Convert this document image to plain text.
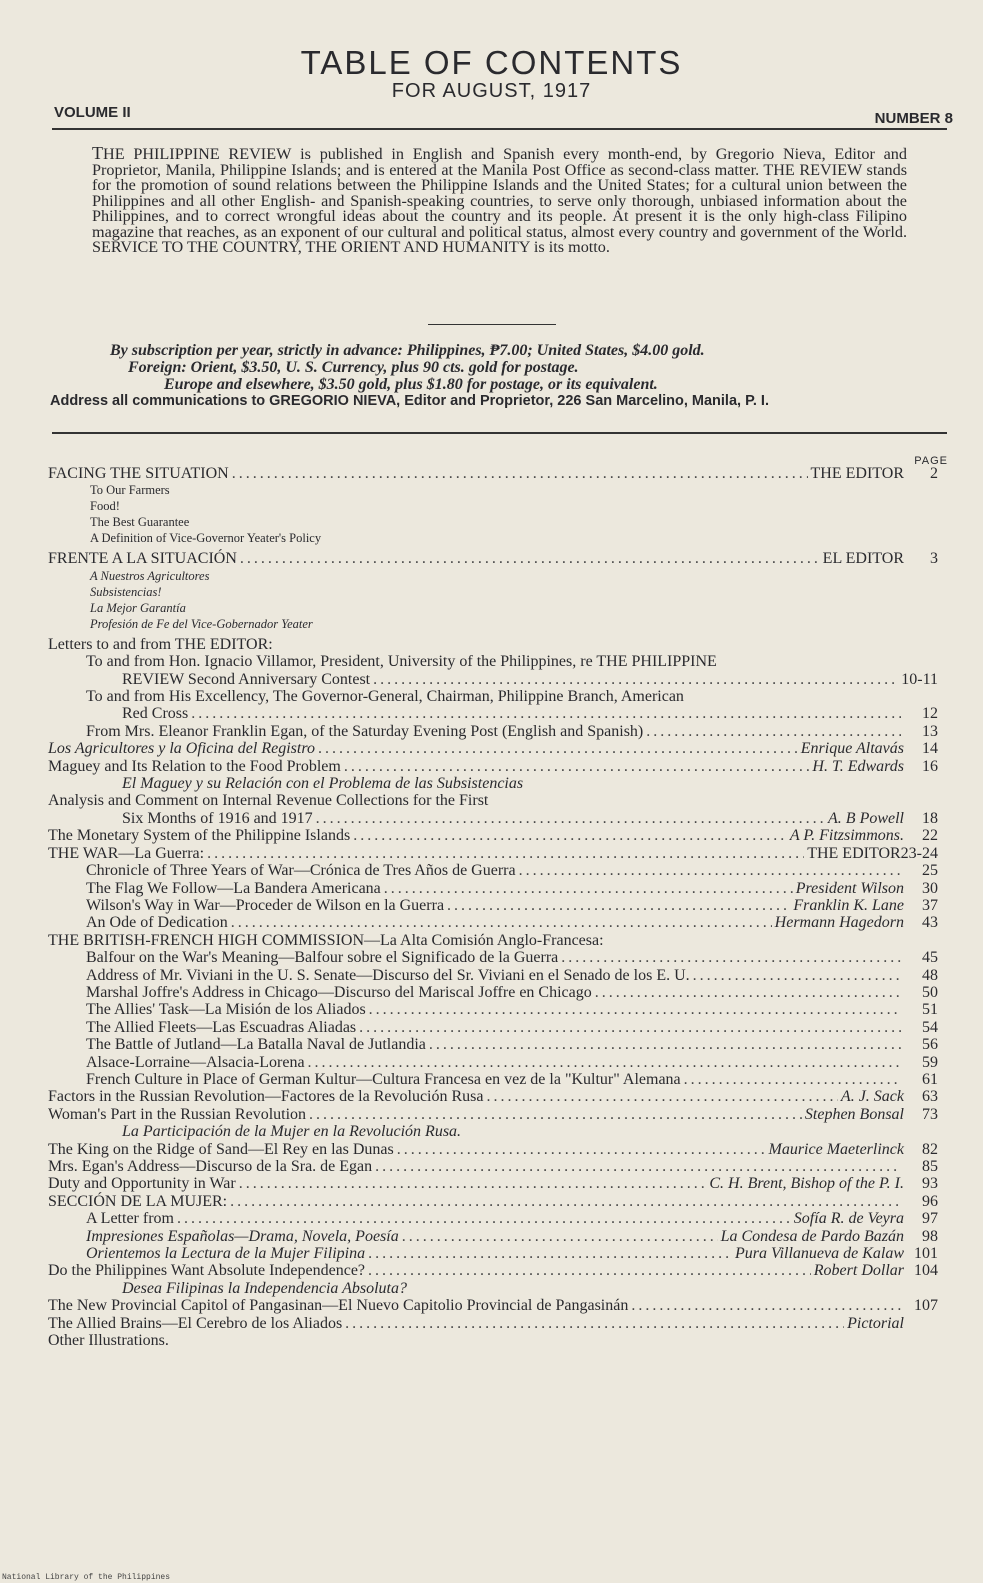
TABLE OF CONTENTS
FOR AUGUST, 1917
VOLUME II	NUMBER 8
THE PHILIPPINE REVIEW is published in English and Spanish every month-end, by Gregorio Nieva, Editor and Proprietor, Manila, Philippine Islands; and is entered at the Manila Post Office as second-class matter. THE REVIEW stands for the promotion of sound relations between the Philippine Islands and the United States; for a cultural union between the Philippines and all other English- and Spanish-speaking countries, to serve only thorough, unbiased information about the Philippines, and to correct wrongful ideas about the country and its people. At present it is the only high-class Filipino magazine that reaches, as an exponent of our cultural and political status, almost every country and government of the World. SERVICE TO THE COUNTRY, THE ORIENT AND HUMANITY is its motto.
By subscription per year, strictly in advance: Philippines, ₱7.00; United States, $4.00 gold.
Foreign: Orient, $3.50, U. S. Currency, plus 90 cts. gold for postage.
Europe and elsewhere, $3.50 gold, plus $1.80 for postage, or its equivalent.
Address all communications to GREGORIO NIEVA, Editor and Proprietor, 226 San Marcelino, Manila, P. I.
PAGE
FACING THE SITUATION .....	THE EDITOR	2
To Our Farmers
Food!
The Best Guarantee
A Definition of Vice-Governor Yeater's Policy
FRENTE A LA SITUACIÓN .....	EL EDITOR	3
A Nuestros Agricultores
Subsistencias!
La Mejor Garantía
Profesión de Fe del Vice-Gobernador Yeater
Letters to and from THE EDITOR:
To and from Hon. Ignacio Villamor, President, University of the Philippines, re THE PHILIPPINE
REVIEW Second Anniversary Contest .....	10-11
To and from His Excellency, The Governor-General, Chairman, Philippine Branch, American
Red Cross .....	12
From Mrs. Eleanor Franklin Egan, of the Saturday Evening Post (English and Spanish) .....	13
Los Agricultores y la Oficina del Registro .....	Enrique Altavás	14
Maguey and Its Relation to the Food Problem .....	H. T. Edwards	16
El Maguey y su Relación con el Problema de las Subsistencias
Analysis and Comment on Internal Revenue Collections for the First
Six Months of 1916 and 1917 .....	A. B Powell	18
The Monetary System of the Philippine Islands .....	A P. Fitzsimmons.	22
THE WAR—La Guerra: .....	THE EDITOR 23-24
Chronicle of Three Years of War—Crónica de Tres Años de Guerra .....	25
The Flag We Follow—La Bandera Americana .....	President Wilson	30
Wilson's Way in War—Proceder de Wilson en la Guerra .....	Franklin K. Lane	37
An Ode of Dedication .....	Hermann Hagedorn	43
THE BRITISH-FRENCH HIGH COMMISSION—La Alta Comisión Anglo-Francesa:
Balfour on the War's Meaning—Balfour sobre el Significado de la Guerra .....	45
Address of Mr. Viviani in the U. S. Senate—Discurso del Sr. Viviani en el Senado de los E. U. .....	48
Marshal Joffre's Address in Chicago—Discurso del Mariscal Joffre en Chicago .....	50
The Allies' Task—La Misión de los Aliados .....	51
The Allied Fleets—Las Escuadras Aliadas .....	54
The Battle of Jutland—La Batalla Naval de Jutlandia .....	56
Alsace-Lorraine—Alsacia-Lorena .....	59
French Culture in Place of German Kultur—Cultura Francesa en vez de la "Kultur" Alemana .....	61
Factors in the Russian Revolution—Factores de la Revolución Rusa .....	A. J. Sack	63
Woman's Part in the Russian Revolution .....	Stephen Bonsal	73
La Participación de la Mujer en la Revolución Rusa.
The King on the Ridge of Sand—El Rey en las Dunas .....	Maurice Maeterlinck	82
Mrs. Egan's Address—Discurso de la Sra. de Egan .....	85
Duty and Opportunity in War .....	C. H. Brent, Bishop of the P. I.	93
SECCIÓN DE LA MUJER: .....	96
A Letter from .....	Sofía R. de Veyra	97
Impresiones Españolas—Drama, Novela, Poesía .....	La Condesa de Pardo Bazán	98
Orientemos la Lectura de la Mujer Filipina .....	Pura Villanueva de Kalaw 101
Do the Philippines Want Absolute Independence? .....	Robert Dollar 104
Desea Filipinas la Independencia Absoluta?
The New Provincial Capitol of Pangasinan—El Nuevo Capitolio Provincial de Pangasinán .....	107
The Allied Brains—El Cerebro de los Aliados .....	Pictorial
Other Illustrations.
National Library of the Philippines
